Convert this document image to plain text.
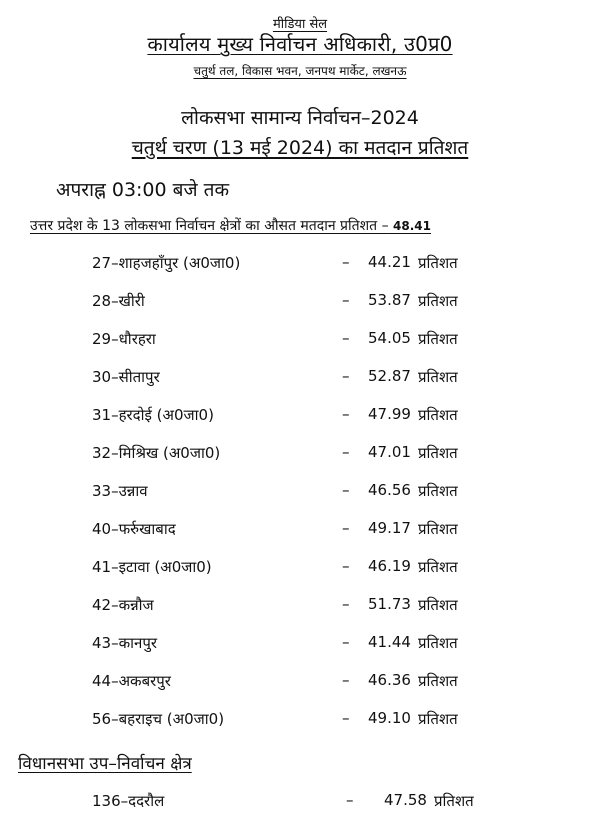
मीडिया सेल
कार्यालय मुख्य निर्वाचन अधिकारी, उ0प्र0
चतुर्थ तल, विकास भवन, जनपथ मार्केट, लखनऊ
लोकसभा सामान्य निर्वाचन–2024
चतुर्थ चरण (13 मई 2024) का मतदान प्रतिशत
अपराह्न 03:00 बजे तक
उत्तर प्रदेश के 13 लोकसभा निर्वाचन क्षेत्रों का औसत मतदान प्रतिशत – 48.41
27–शाहजहाँपुर (अ0जा0)	– 44.21 प्रतिशत
28–खीरी	– 53.87 प्रतिशत
29–धौरहरा	– 54.05 प्रतिशत
30–सीतापुर	– 52.87 प्रतिशत
31–हरदोई (अ0जा0)	– 47.99 प्रतिशत
32–मिश्रिख (अ0जा0)	– 47.01 प्रतिशत
33–उन्नाव	– 46.56 प्रतिशत
40–फर्रुखाबाद	– 49.17 प्रतिशत
41–इटावा (अ0जा0)	– 46.19 प्रतिशत
42–कन्नौज	– 51.73 प्रतिशत
43–कानपुर	– 41.44 प्रतिशत
44–अकबरपुर	– 46.36 प्रतिशत
56–बहराइच (अ0जा0)	– 49.10 प्रतिशत
विधानसभा उप–निर्वाचन क्षेत्र
136–ददरौल	– 47.58 प्रतिशत
